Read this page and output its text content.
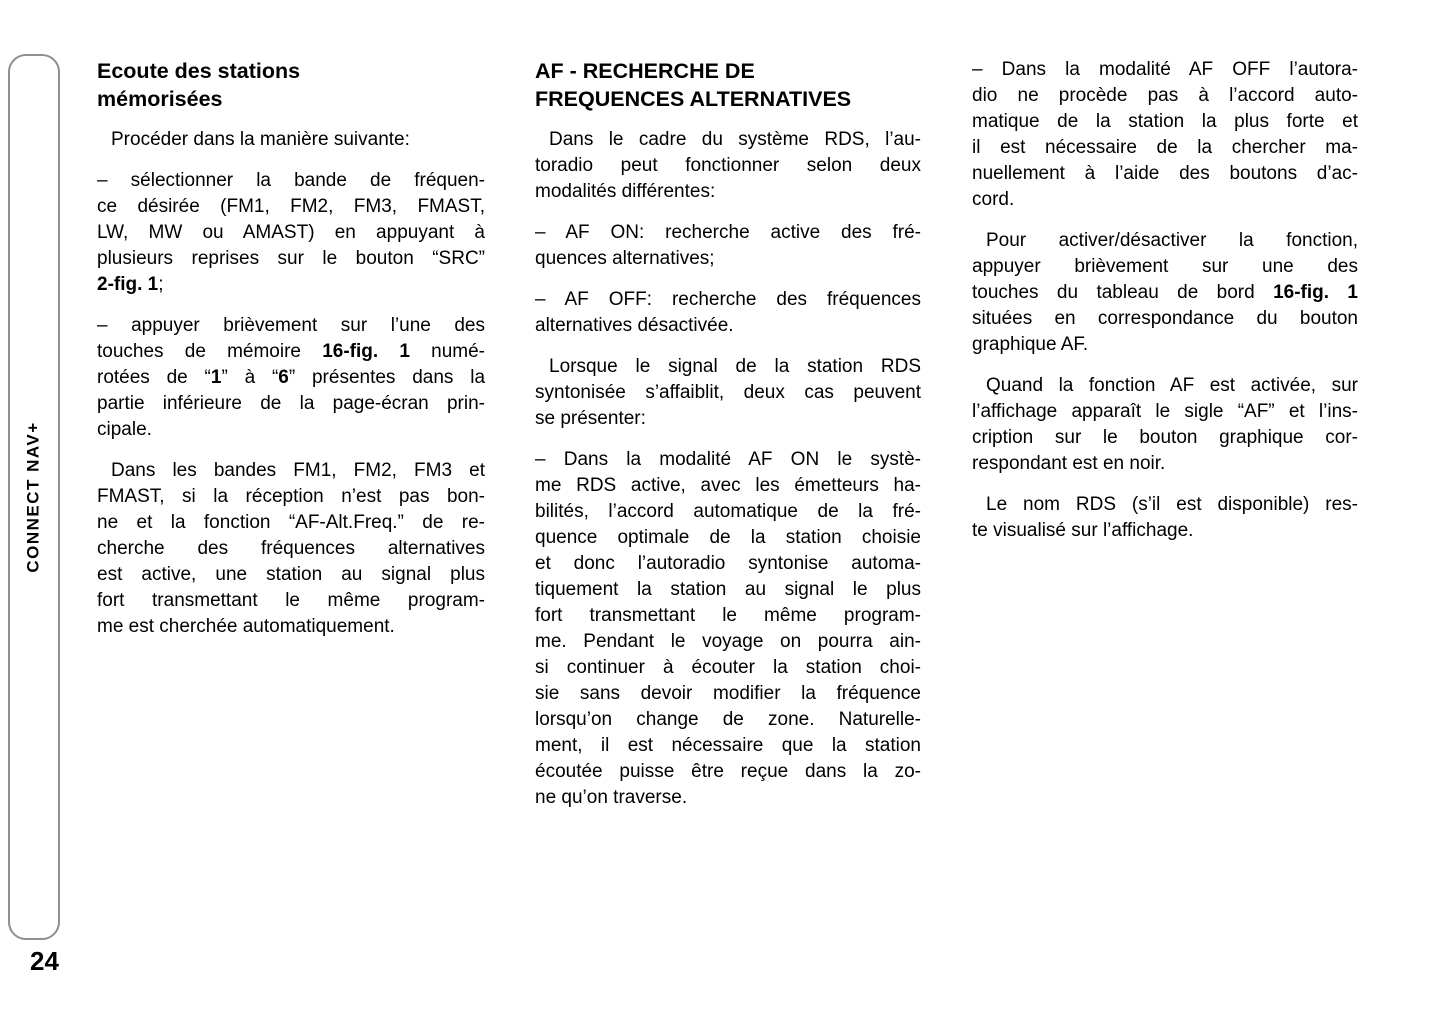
CONNECT NAV+
24
Ecoute des stations
mémorisées
Procéder dans la manière suivante:
– sélectionner la bande de fréquen-
ce désirée (FM1, FM2, FM3, FMAST,
LW, MW ou AMAST) en appuyant à
plusieurs reprises sur le bouton “SRC”
2-fig. 1;
– appuyer brièvement sur l’une des
touches de mémoire 16-fig. 1 numé-
rotées de “1” à “6” présentes dans la
partie inférieure de la page-écran prin-
cipale.
Dans les bandes FM1, FM2, FM3 et
FMAST, si la réception n’est pas bon-
ne et la fonction “AF-Alt.Freq.” de re-
cherche des fréquences alternatives
est active, une station au signal plus
fort transmettant le même program-
me est cherchée automatiquement.
AF - RECHERCHE DE
FREQUENCES ALTERNATIVES
Dans le cadre du système RDS, l’au-
toradio peut fonctionner selon deux
modalités différentes:
– AF ON: recherche active des fré-
quences alternatives;
– AF OFF: recherche des fréquences
alternatives désactivée.
Lorsque le signal de la station RDS
syntonisée s’affaiblit, deux cas peuvent
se présenter:
– Dans la modalité AF ON le systè-
me RDS active, avec les émetteurs ha-
bilités, l’accord automatique de la fré-
quence optimale de la station choisie
et donc l’autoradio syntonise automa-
tiquement la station au signal le plus
fort transmettant le même program-
me. Pendant le voyage on pourra ain-
si continuer à écouter la station choi-
sie sans devoir modifier la fréquence
lorsqu’on change de zone. Naturelle-
ment, il est nécessaire que la station
écoutée puisse être reçue dans la zo-
ne qu’on traverse.
– Dans la modalité AF OFF l’autora-
dio ne procède pas à l’accord auto-
matique de la station la plus forte et
il est nécessaire de la chercher ma-
nuellement à l’aide des boutons d’ac-
cord.
Pour activer/désactiver la fonction,
appuyer brièvement sur une des
touches du tableau de bord 16-fig. 1
situées en correspondance du bouton
graphique AF.
Quand la fonction AF est activée, sur
l’affichage apparaît le sigle “AF” et l’ins-
cription sur le bouton graphique cor-
respondant est en noir.
Le nom RDS (s’il est disponible) res-
te visualisé sur l’affichage.
